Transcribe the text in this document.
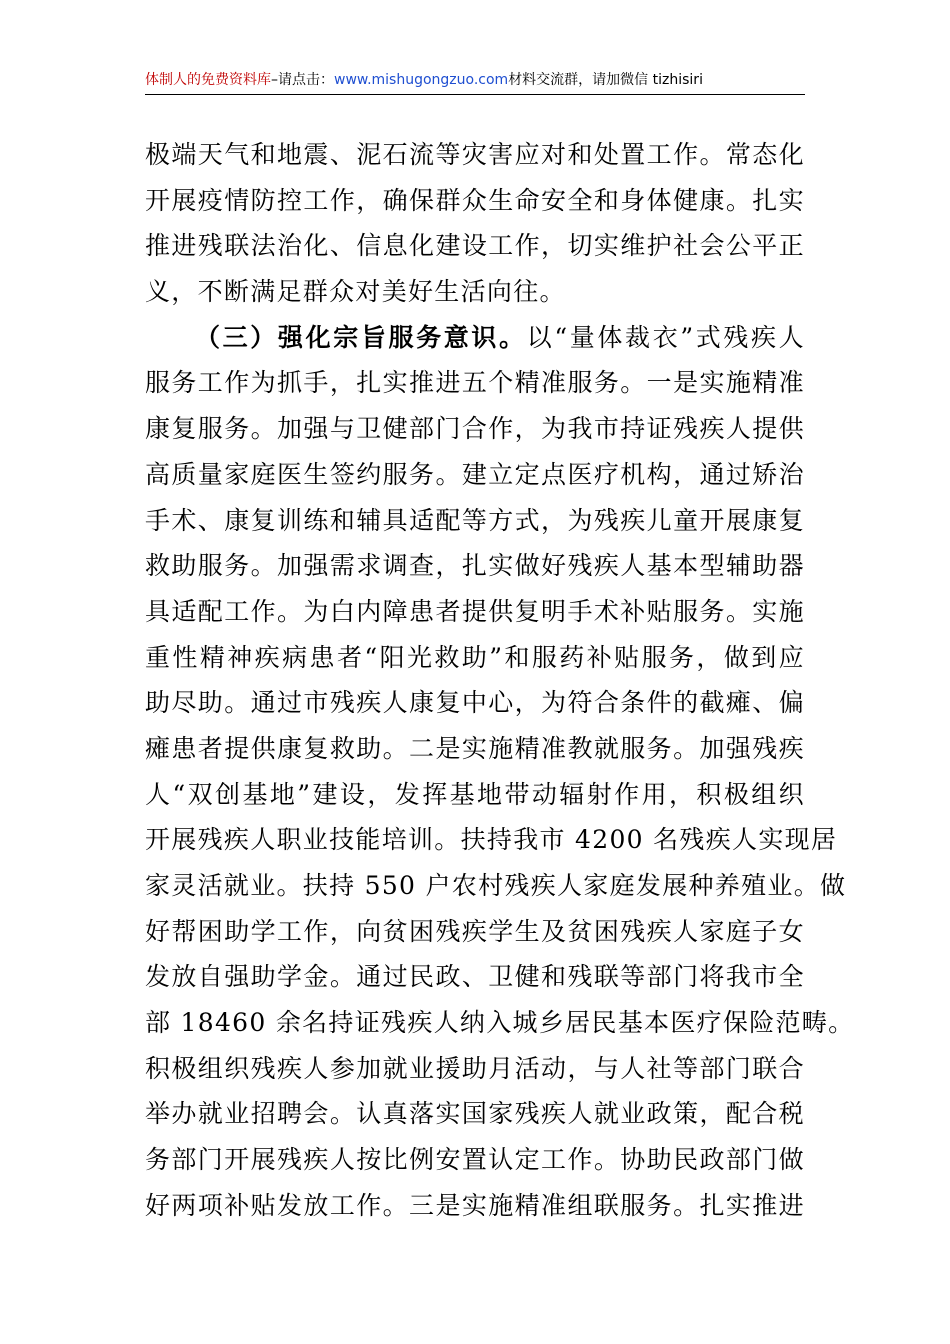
体制人的免费资料库–请点击：www.mishugongzuo.com材料交流群，请加微信 tizhisiri
极端天气和地震、泥石流等灾害应对和处置工作。常态化
开展疫情防控工作，确保群众生命安全和身体健康。扎实
推进残联法治化、信息化建设工作，切实维护社会公平正
义，不断满足群众对美好生活向往。
（三）强化宗旨服务意识。以“量体裁衣”式残疾人
服务工作为抓手，扎实推进五个精准服务。一是实施精准
康复服务。加强与卫健部门合作，为我市持证残疾人提供
高质量家庭医生签约服务。建立定点医疗机构，通过矫治
手术、康复训练和辅具适配等方式，为残疾儿童开展康复
救助服务。加强需求调查，扎实做好残疾人基本型辅助器
具适配工作。为白内障患者提供复明手术补贴服务。实施
重性精神疾病患者“阳光救助”和服药补贴服务，做到应
助尽助。通过市残疾人康复中心，为符合条件的截瘫、偏
瘫患者提供康复救助。二是实施精准教就服务。加强残疾
人“双创基地”建设，发挥基地带动辐射作用，积极组织
开展残疾人职业技能培训。扶持我市 4200 名残疾人实现居
家灵活就业。扶持 550 户农村残疾人家庭发展种养殖业。做
好帮困助学工作，向贫困残疾学生及贫困残疾人家庭子女
发放自强助学金。通过民政、卫健和残联等部门将我市全
部 18460 余名持证残疾人纳入城乡居民基本医疗保险范畴。
积极组织残疾人参加就业援助月活动，与人社等部门联合
举办就业招聘会。认真落实国家残疾人就业政策，配合税
务部门开展残疾人按比例安置认定工作。协助民政部门做
好两项补贴发放工作。三是实施精准组联服务。扎实推进
